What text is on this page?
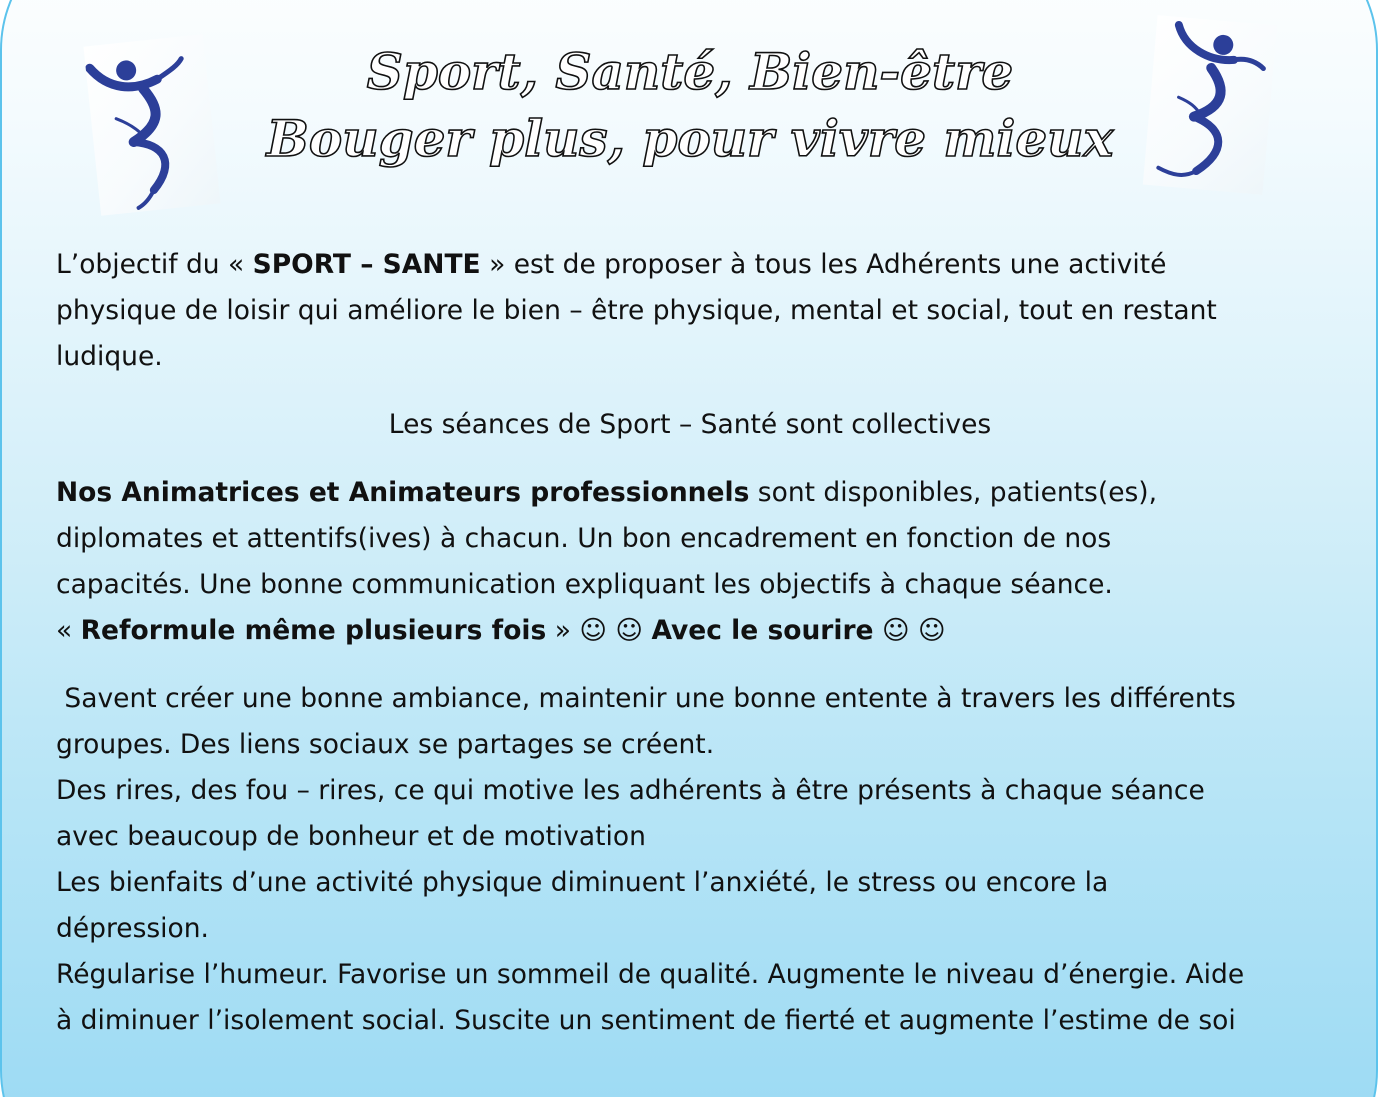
Sport, Santé, Bien-être
Bouger plus, pour vivre mieux

L’objectif du « SPORT – SANTE » est de proposer à tous les Adhérents une activité
physique de loisir qui améliore le bien – être physique, mental et social, tout en restant
ludique.

Les séances de Sport – Santé sont collectives

Nos Animatrices et Animateurs professionnels sont disponibles, patients(es),
diplomates et attentifs(ives) à chacun. Un bon encadrement en fonction de nos
capacités. Une bonne communication expliquant les objectifs à chaque séance.
« Reformule même plusieurs fois » ☺ ☺ Avec le sourire ☺ ☺

Savent créer une bonne ambiance, maintenir une bonne entente à travers les différents
groupes. Des liens sociaux se partages se créent.
Des rires, des fou – rires, ce qui motive les adhérents à être présents à chaque séance
avec beaucoup de bonheur et de motivation
Les bienfaits d’une activité physique diminuent l’anxiété, le stress ou encore la
dépression.
Régularise l’humeur. Favorise un sommeil de qualité. Augmente le niveau d’énergie. Aide
à diminuer l’isolement social. Suscite un sentiment de fierté et augmente l’estime de soi
